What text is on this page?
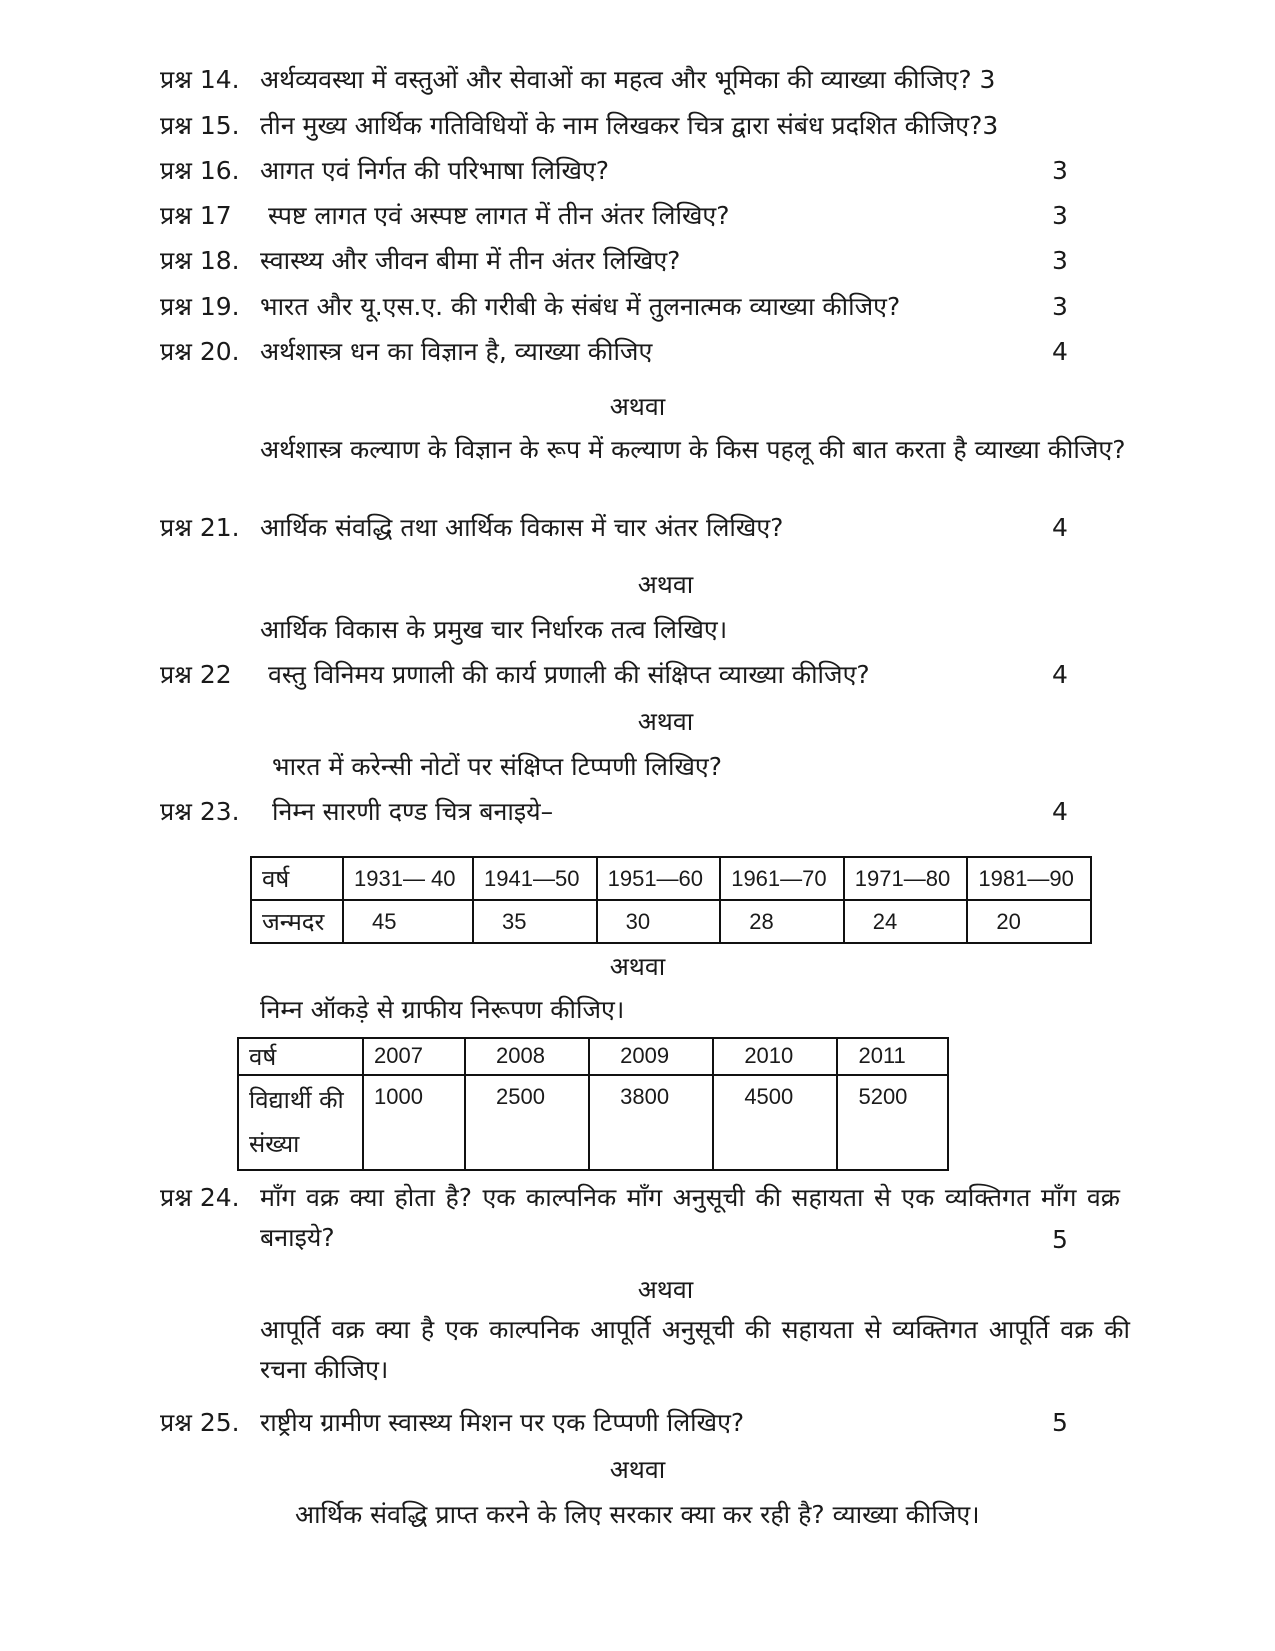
प्रश्न 14. अर्थव्यवस्था में वस्तुओं और सेवाओं का महत्व और भूमिका की व्याख्या कीजिए? 3
प्रश्न 15. तीन मुख्य आर्थिक गतिविधियों के नाम लिखकर चित्र द्वारा संबंध प्रदशित कीजिए?3
प्रश्न 16. आगत एवं निर्गत की परिभाषा लिखिए?	3
प्रश्न 17 स्पष्ट लागत एवं अस्पष्ट लागत में तीन अंतर लिखिए?	3
प्रश्न 18. स्वास्थ्य और जीवन बीमा में तीन अंतर लिखिए?	3
प्रश्न 19. भारत और यू.एस.ए. की गरीबी के संबंध में तुलनात्मक व्याख्या कीजिए?	3
प्रश्न 20. अर्थशास्त्र धन का विज्ञान है, व्याख्या कीजिए	4
अथवा
अर्थशास्त्र कल्याण के विज्ञान के रूप में कल्याण के किस पहलू की बात करता है व्याख्या कीजिए?
प्रश्न 21. आर्थिक संवद्धि तथा आर्थिक विकास में चार अंतर लिखिए?	4
अथवा
आर्थिक विकास के प्रमुख चार निर्धारक तत्व लिखिए।
प्रश्न 22 वस्तु विनिमय प्रणाली की कार्य प्रणाली की संक्षिप्त व्याख्या कीजिए?	4
अथवा
भारत में करेन्सी नोटों पर संक्षिप्त टिप्पणी लिखिए?
प्रश्न 23. निम्न सारणी दण्ड चित्र बनाइये–	4
वर्ष	1931— 40	1941—50	1951—60	1961—70	1971—80	1981—90
जन्मदर	45	35	30	28	24	20
अथवा
निम्न ऑकड़े से ग्राफीय निरूपण कीजिए।
वर्ष	2007	2008	2009	2010	2011
विद्यार्थी की संख्या	1000	2500	3800	4500	5200
प्रश्न 24. माँग वक्र क्या होता है? एक काल्पनिक माँग अनुसूची की सहायता से एक व्यक्तिगत माँग वक्र बनाइये?	5
अथवा
आपूर्ति वक्र क्या है एक काल्पनिक आपूर्ति अनुसूची की सहायता से व्यक्तिगत आपूर्ति वक्र की रचना कीजिए।
प्रश्न 25. राष्ट्रीय ग्रामीण स्वास्थ्य मिशन पर एक टिप्पणी लिखिए?	5
अथवा
आर्थिक संवद्धि प्राप्त करने के लिए सरकार क्या कर रही है? व्याख्या कीजिए।
